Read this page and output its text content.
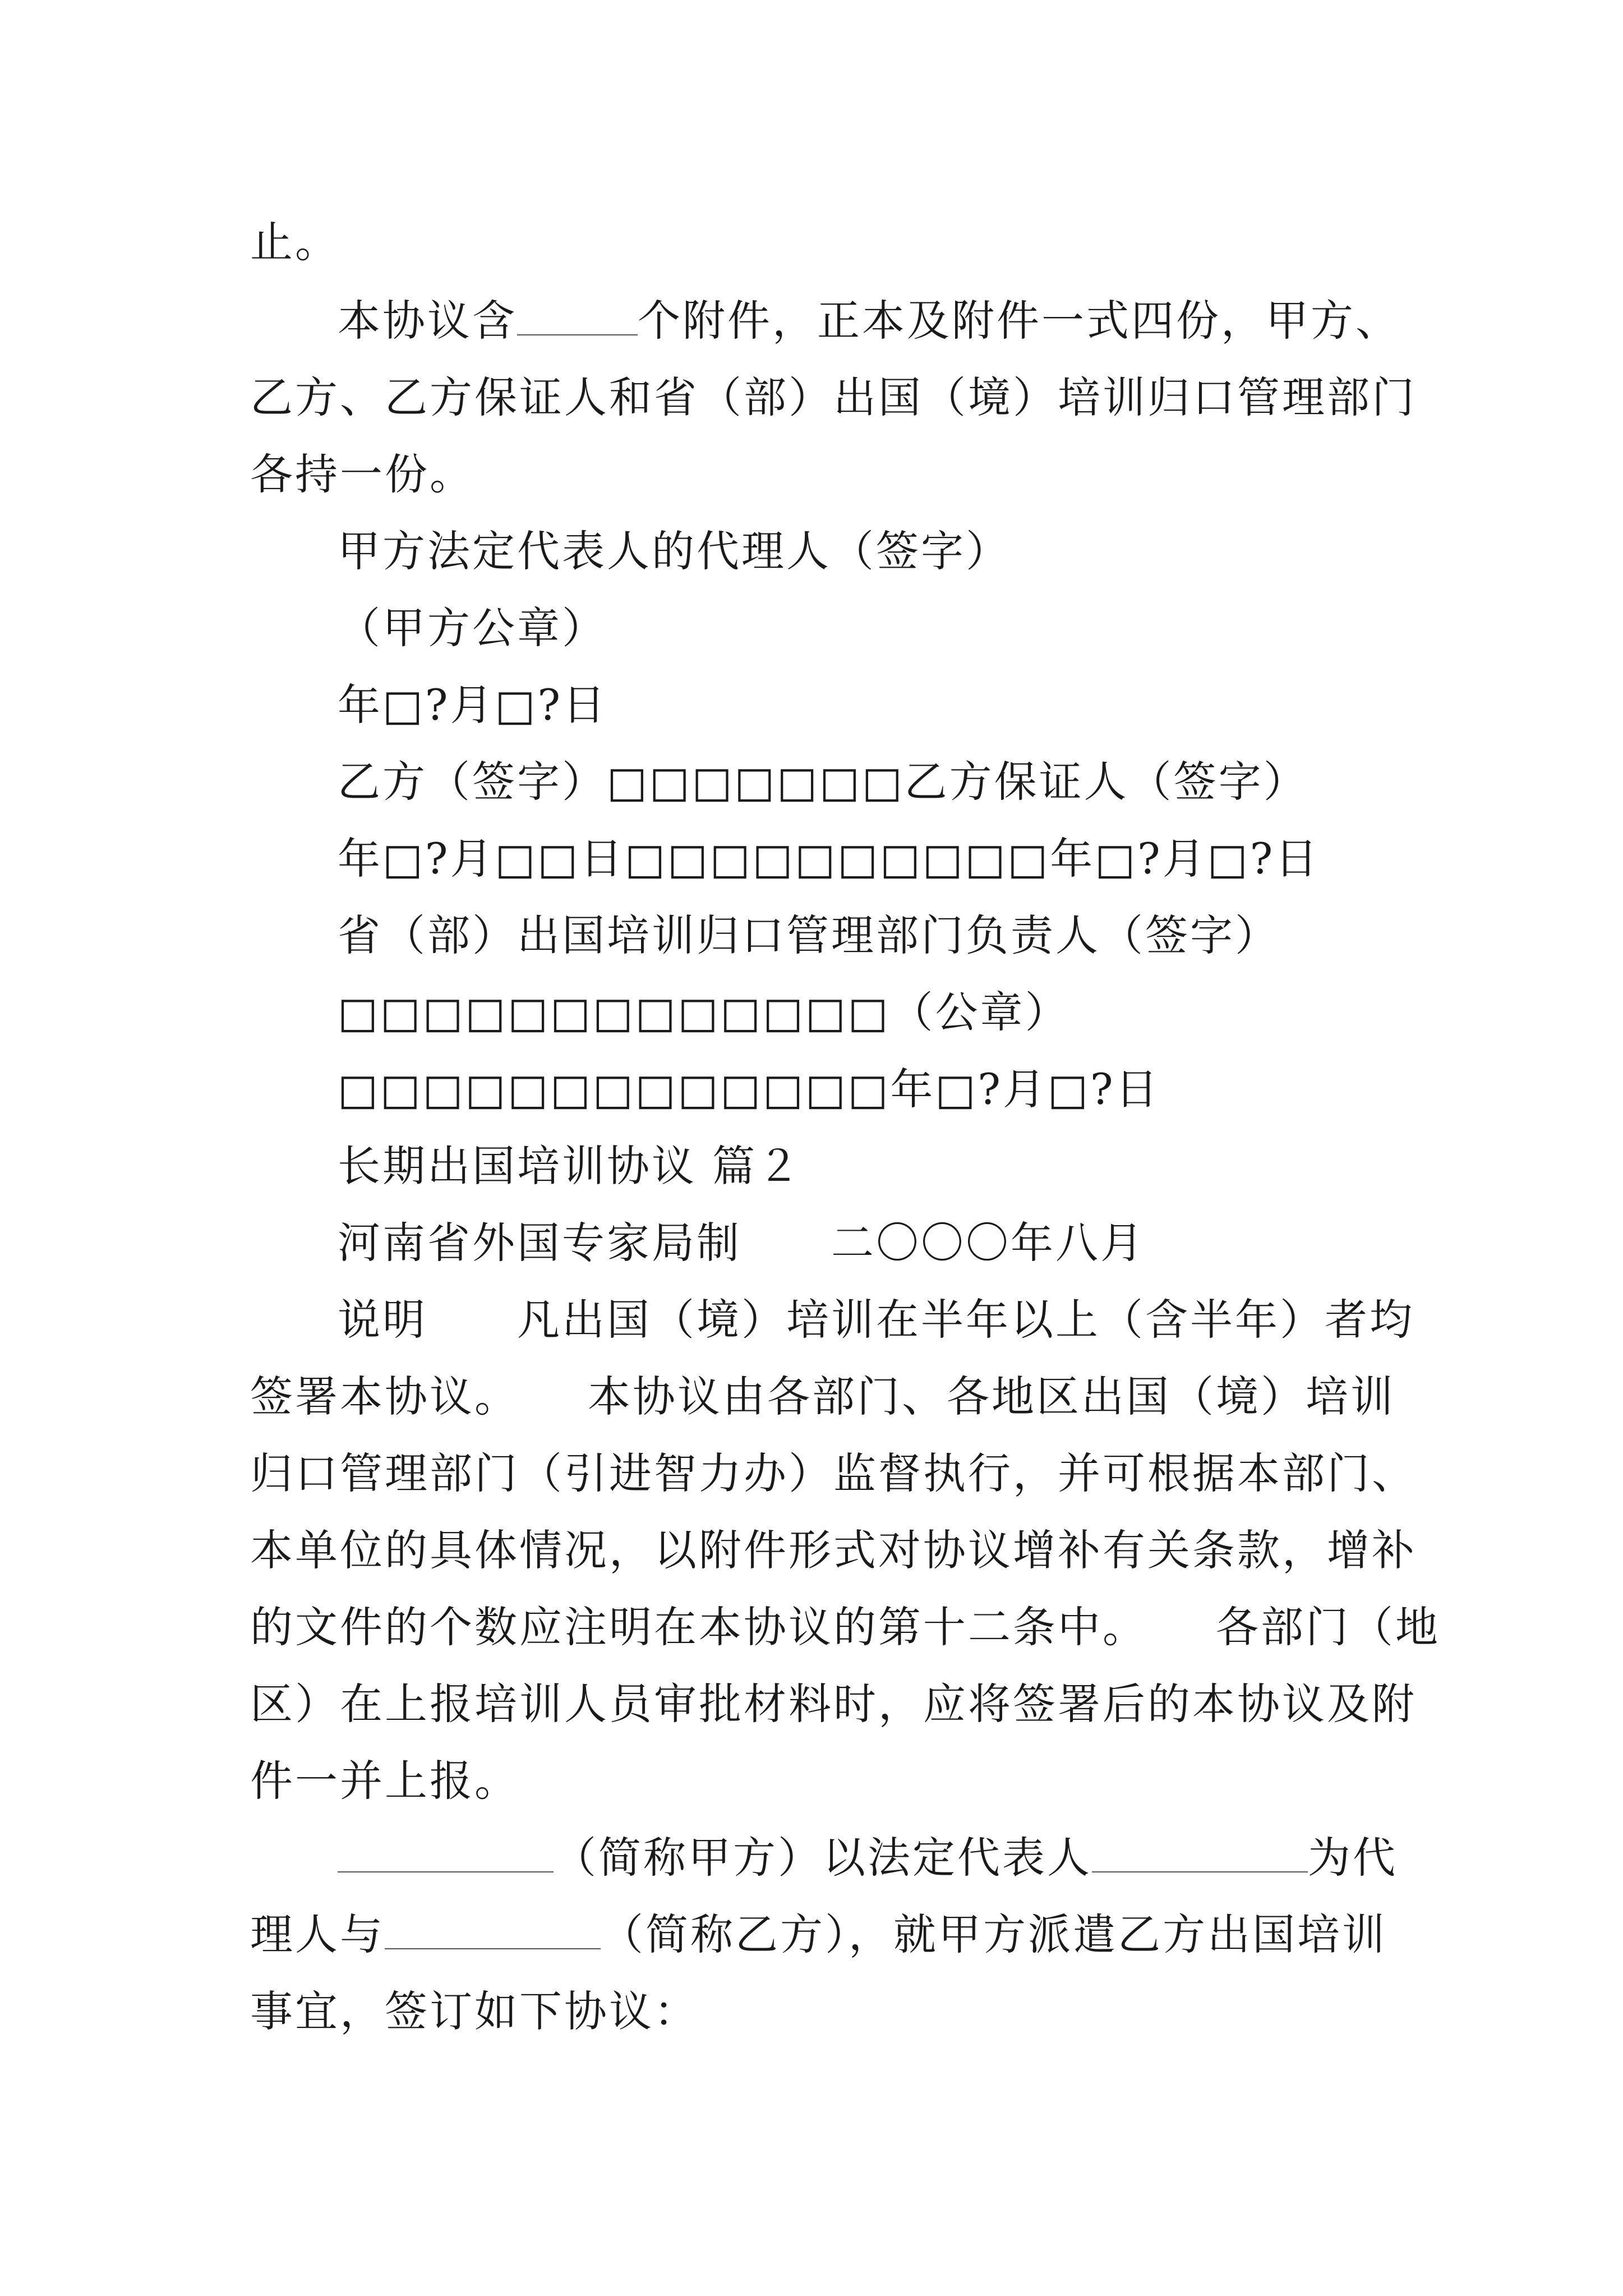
止。
本协议含	个附件，正本及附件一式四份，甲方、
乙方、乙方保证人和省（部）出国（境）培训归口管理部门
各持一份。
甲方法定代表人的代理人（签字）
（甲方公章）
年□?月□?日
乙方（签字）□□□□□□□乙方保证人（签字）
年□?月□□日□□□□□□□□□□年□?月□?日
省（部）出国培训归口管理部门负责人（签字）
□□□□□□□□□□□□□（公章）
□□□□□□□□□□□□□年□?月□?日
长期出国培训协议 篇２
河南省外国专家局制　　二〇〇〇年八月
说明　　凡出国（境）培训在半年以上（含半年）者均
签署本协议。　　本协议由各部门、各地区出国（境）培训
归口管理部门（引进智力办）监督执行，并可根据本部门、
本单位的具体情况，以附件形式对协议增补有关条款，增补
的文件的个数应注明在本协议的第十二条中。　　各部门（地
区）在上报培训人员审批材料时，应将签署后的本协议及附
件一并上报。
（简称甲方）以法定代表人	为代
理人与	（简称乙方），就甲方派遣乙方出国培训
事宜，签订如下协议：
